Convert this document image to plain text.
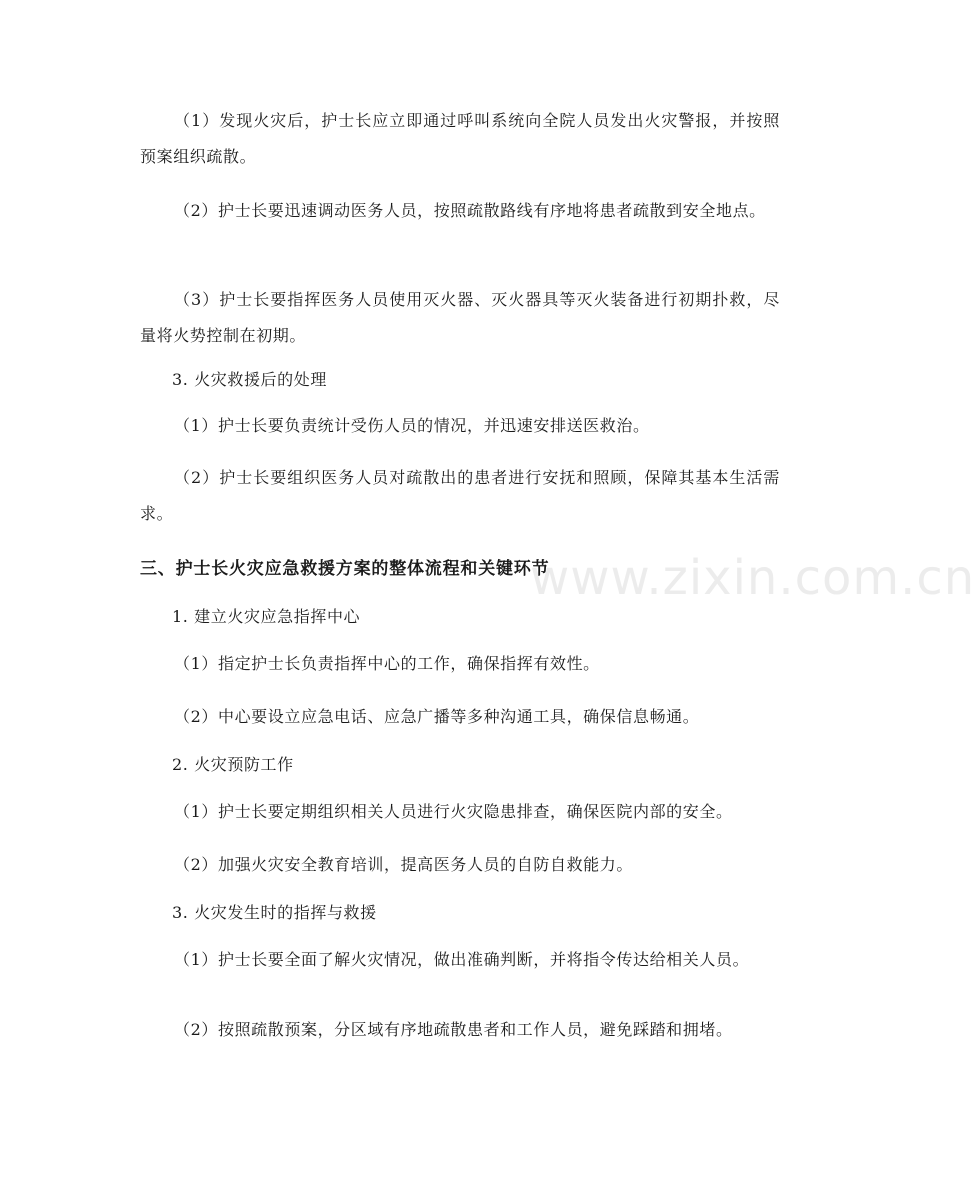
（1）发现火灾后，护士长应立即通过呼叫系统向全院人员发出火灾警报，并按照预案组织疏散。

（2）护士长要迅速调动医务人员，按照疏散路线有序地将患者疏散到安全地点。

（3）护士长要指挥医务人员使用灭火器、灭火器具等灭火装备进行初期扑救，尽量将火势控制在初期。

3. 火灾救援后的处理

（1）护士长要负责统计受伤人员的情况，并迅速安排送医救治。

（2）护士长要组织医务人员对疏散出的患者进行安抚和照顾，保障其基本生活需求。

三、护士长火灾应急救援方案的整体流程和关键环节
1. 建立火灾应急指挥中心

（1）指定护士长负责指挥中心的工作，确保指挥有效性。

（2）中心要设立应急电话、应急广播等多种沟通工具，确保信息畅通。

2. 火灾预防工作

（1）护士长要定期组织相关人员进行火灾隐患排查，确保医院内部的安全。

（2）加强火灾安全教育培训，提高医务人员的自防自救能力。

3. 火灾发生时的指挥与救援

（1）护士长要全面了解火灾情况，做出准确判断，并将指令传达给相关人员。

（2）按照疏散预案，分区域有序地疏散患者和工作人员，避免踩踏和拥堵。

www.zixin.com.cn
